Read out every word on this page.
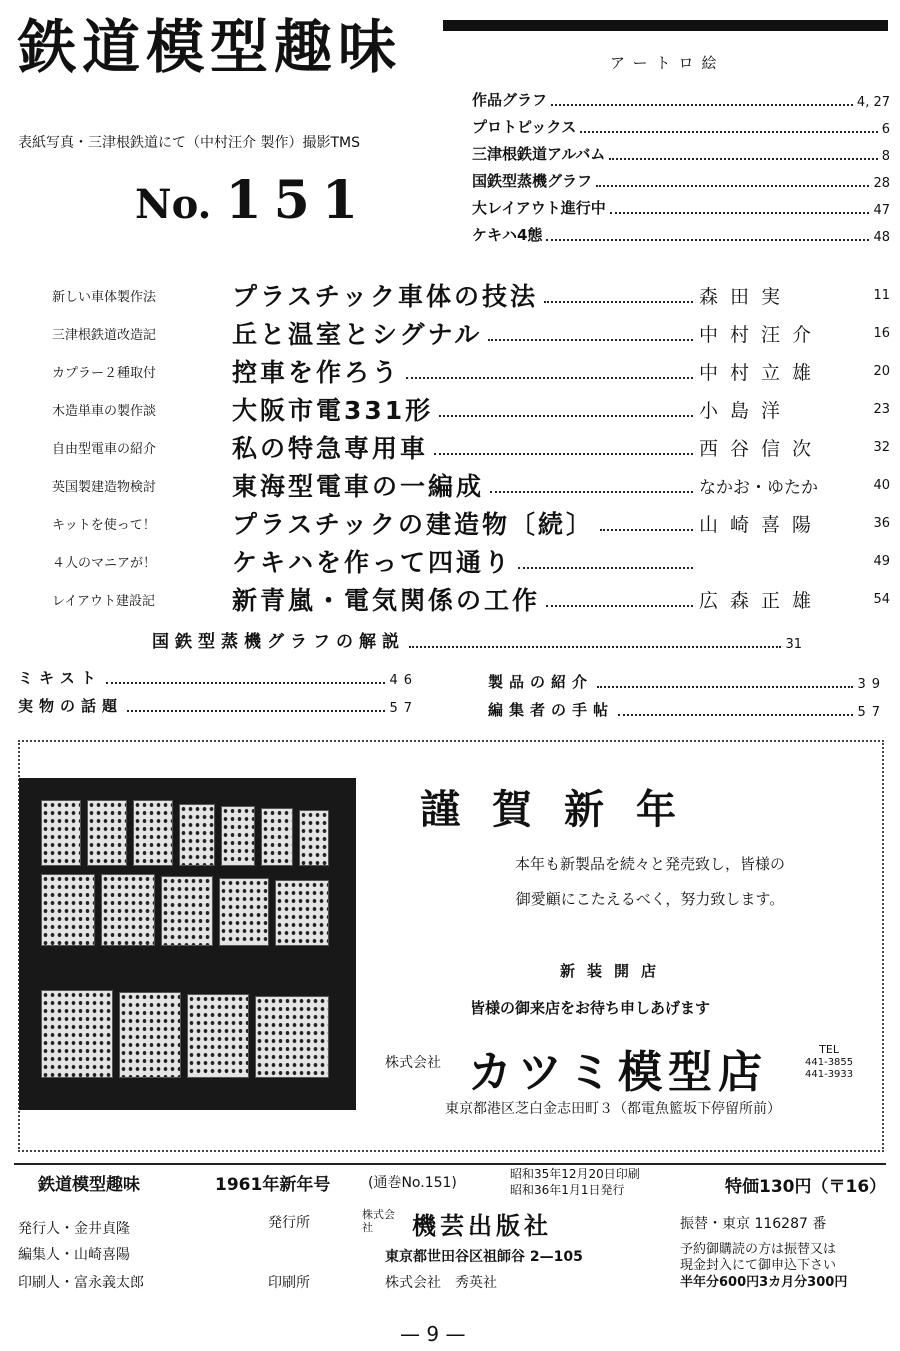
鉄道模型趣味
表紙写真・三津根鉄道にて（中村汪介 製作）撮影TMS
No. 151
アートロ絵
作品グラフ	4, 27
プロトピックス	6
三津根鉄道アルバム	8
国鉄型蒸機グラフ	28
大レイアウト進行中	47
ケキハ4態	48
新しい車体製作法	プラスチック車体の技法	森田実	11
三津根鉄道改造記	丘と温室とシグナル	中村汪介	16
カプラー２種取付	控車を作ろう	中村立雄	20
木造単車の製作談	大阪市電331形	小島洋	23
自由型電車の紹介	私の特急専用車	西谷信次	32
英国製建造物検討	東海型電車の一編成	なかお・ゆたか	40
キットを使って！	プラスチックの建造物〔続〕	山崎喜陽	36
４人のマニアが！	ケキハを作って四通り	49
レイアウト建設記	新青嵐・電気関係の工作	広森正雄	54
国鉄型蒸機グラフの解説	31
ミキスト	46
実物の話題	57
製品の紹介	39
編集者の手帖	57
謹賀新年
本年も新製品を続々と発売致し，皆様の
御愛顧にこたえるべく，努力致します。
新装開店
皆様の御来店をお待ち申しあげます
株式会社 カツミ模型店	TEL
441-3855
441-3933
東京都港区芝白金志田町３（都電魚籃坂下停留所前）
鉄道模型趣味	1961年新年号	(通巻No.151)
昭和35年12月20日印刷
昭和36年1月1日発行	特価130円（〒16）
発行人・金井貞隆
編集人・山崎喜陽
印刷人・富永義太郎
発行所
株式会社	機芸出版社
東京都世田谷区祖師谷 2—105
印刷所	株式会社　秀英社
振替・東京 116287 番
予約御購読の方は振替又は
現金封入にて御申込下さい
半年分600円3カ月分300円
— 9 —
